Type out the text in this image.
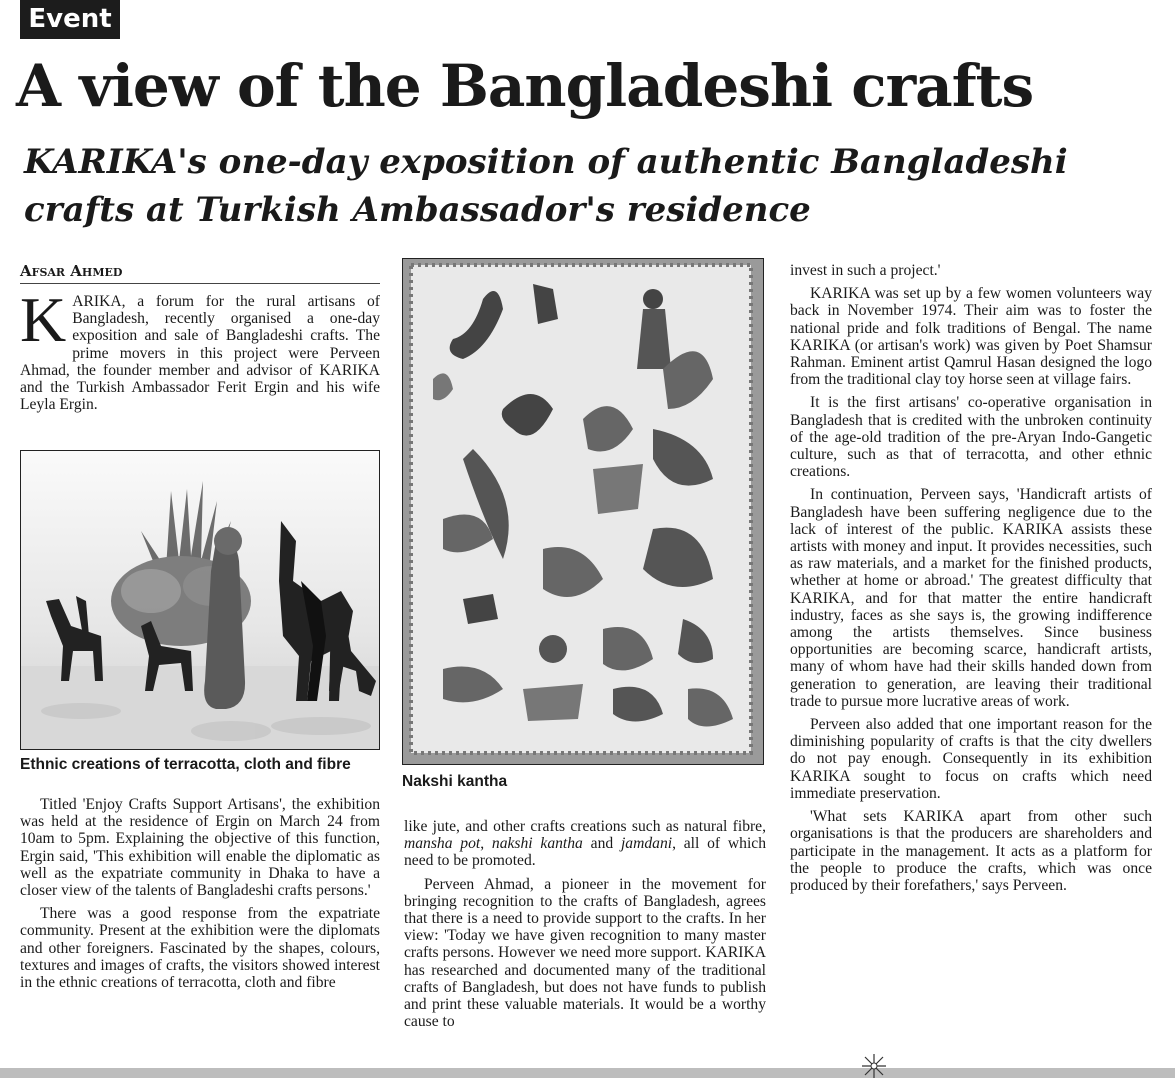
Event
A view of the Bangladeshi crafts
KARIKA's one-day exposition of authentic Bangladeshi crafts at Turkish Ambassador's residence
Afsar Ahmed

KARIKA, a forum for the rural artisans of Bangladesh, recently organised a one-day exposition and sale of Bangladeshi crafts. The prime movers in this project were Perveen Ahmad, the founder member and advisor of KARIKA and the Turkish Ambassador Ferit Ergin and his wife Leyla Ergin.

Ethnic creations of terracotta, cloth and fibre
Nakshi kantha

Titled 'Enjoy Crafts Support Artisans', the exhibition was held at the residence of Ergin on March 24 from 10am to 5pm. Explaining the objective of this function, Ergin said, 'This exhibition will enable the diplomatic as well as the expatriate community in Dhaka to have a closer view of the talents of Bangladeshi crafts persons.'

There was a good response from the expatriate community. Present at the exhibition were the diplomats and other foreigners. Fascinated by the shapes, colours, textures and images of crafts, the visitors showed interest in the ethnic creations of terracotta, cloth and fibre

like jute, and other crafts creations such as natural fibre, mansha pot, nakshi kantha and jamdani, all of which need to be promoted.

Perveen Ahmad, a pioneer in the movement for bringing recognition to the crafts of Bangladesh, agrees that there is a need to provide support to the crafts. In her view: 'Today we have given recognition to many master crafts persons. However we need more support. KARIKA has researched and documented many of the traditional crafts of Bangladesh, but does not have funds to publish and print these valuable materials. It would be a worthy cause to

invest in such a project.'

KARIKA was set up by a few women volunteers way back in November 1974. Their aim was to foster the national pride and folk traditions of Bengal. The name KARIKA (or artisan's work) was given by Poet Shamsur Rahman. Eminent artist Qamrul Hasan designed the logo from the traditional clay toy horse seen at village fairs.

It is the first artisans' co-operative organisation in Bangladesh that is credited with the unbroken continuity of the age-old tradition of the pre-Aryan Indo-Gangetic culture, such as that of terracotta, and other ethnic creations.

In continuation, Perveen says, 'Handicraft artists of Bangladesh have been suffering negligence due to the lack of interest of the public. KARIKA assists these artists with money and input. It provides necessities, such as raw materials, and a market for the finished products, whether at home or abroad.' The greatest difficulty that KARIKA, and for that matter the entire handicraft industry, faces as she says is, the growing indifference among the artists themselves. Since business opportunities are becoming scarce, handicraft artists, many of whom have had their skills handed down from generation to generation, are leaving their traditional trade to pursue more lucrative areas of work.

Perveen also added that one important reason for the diminishing popularity of crafts is that the city dwellers do not pay enough. Consequently in its exhibition KARIKA sought to focus on crafts which need immediate preservation.

'What sets KARIKA apart from other such organisations is that the producers are shareholders and participate in the management. It acts as a platform for the people to produce the crafts, which was once produced by their forefathers,' says Perveen.
